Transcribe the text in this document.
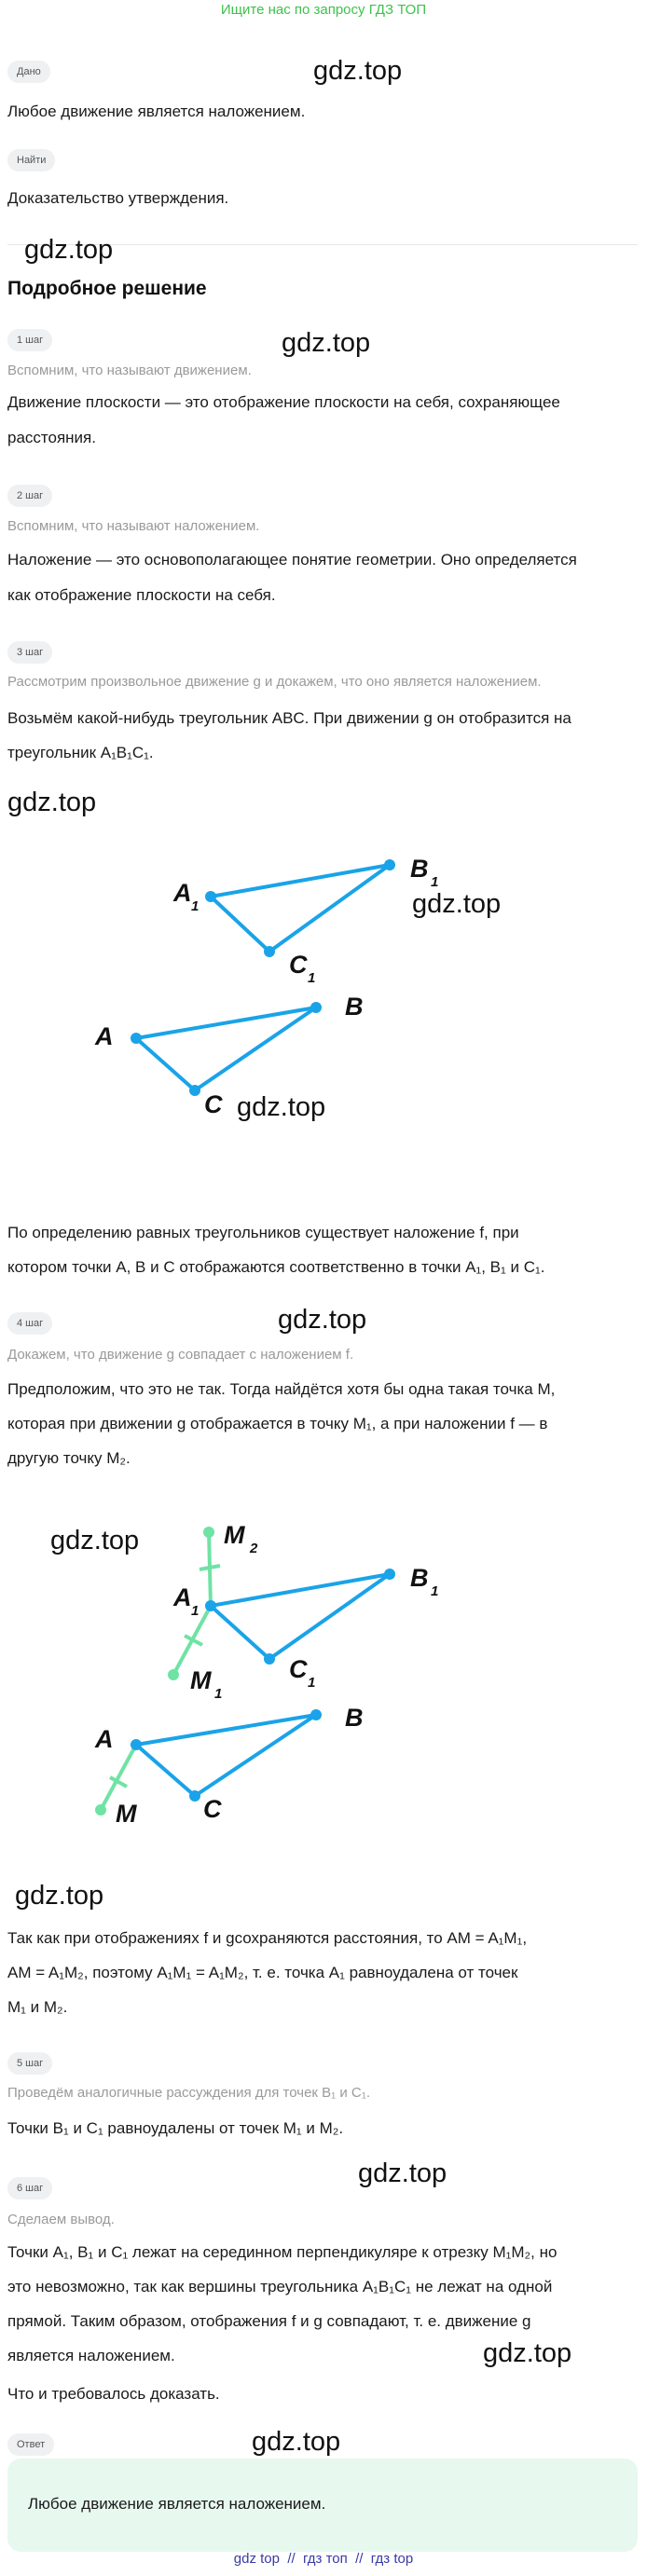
Ищите нас по запросу ГДЗ ТОП
Дано	gdz.top
Любое движение является наложением.
Найти
Доказательство утверждения.
gdz.top
Подробное решение
1 шаг	gdz.top
Вспомним, что называют движением.
Движение плоскости — это отображение плоскости на себя, сохраняющее
расстояния.
2 шаг
Вспомним, что называют наложением.
Наложение — это основополагающее понятие геометрии. Оно определяется
как отображение плоскости на себя.
3 шаг
Рассмотрим произвольное движение g и докажем, что оно является наложением.
Возьмём какой-нибудь треугольник ABC. При движении g он отобразится на
треугольник A₁B₁C₁.
gdz.top
A 1
B 1
C 1
A
B
C
gdz.top
gdz.top
По определению равных треугольников существует наложение f, при
котором точки A, B и C отображаются соответственно в точки A₁, B₁ и C₁.
4 шаг	gdz.top
Докажем, что движение g совпадает с наложением f.
Предположим, что это не так. Тогда найдётся хотя бы одна такая точка M,
которая при движении g отображается в точку M₁, а при наложении f — в
другую точку M₂.
M 2
A 1
B 1
M 1
C 1
A
B
C
M
gdz.top
gdz.top
Так как при отображениях f и gсохраняются расстояния, то AM = A₁M₁,
AM = A₁M₂, поэтому A₁M₁ = A₁M₂, т. е. точка A₁ равноудалена от точек
M₁ и M₂.
5 шаг
Проведём аналогичные рассуждения для точек B₁ и C₁.
Точки B₁ и C₁ равноудалены от точек M₁ и M₂.
6 шаг	gdz.top
Сделаем вывод.
Точки A₁, B₁ и C₁ лежат на серединном перпендикуляре к отрезку M₁M₂, но
это невозможно, так как вершины треугольника A₁B₁C₁ не лежат на одной
прямой. Таким образом, отображения f и g совпадают, т. е. движение g
gdz.top
является наложением.
Что и требовалось доказать.
Ответ	gdz.top
Любое движение является наложением.
gdz top  //  гдз топ  //  гдз top
